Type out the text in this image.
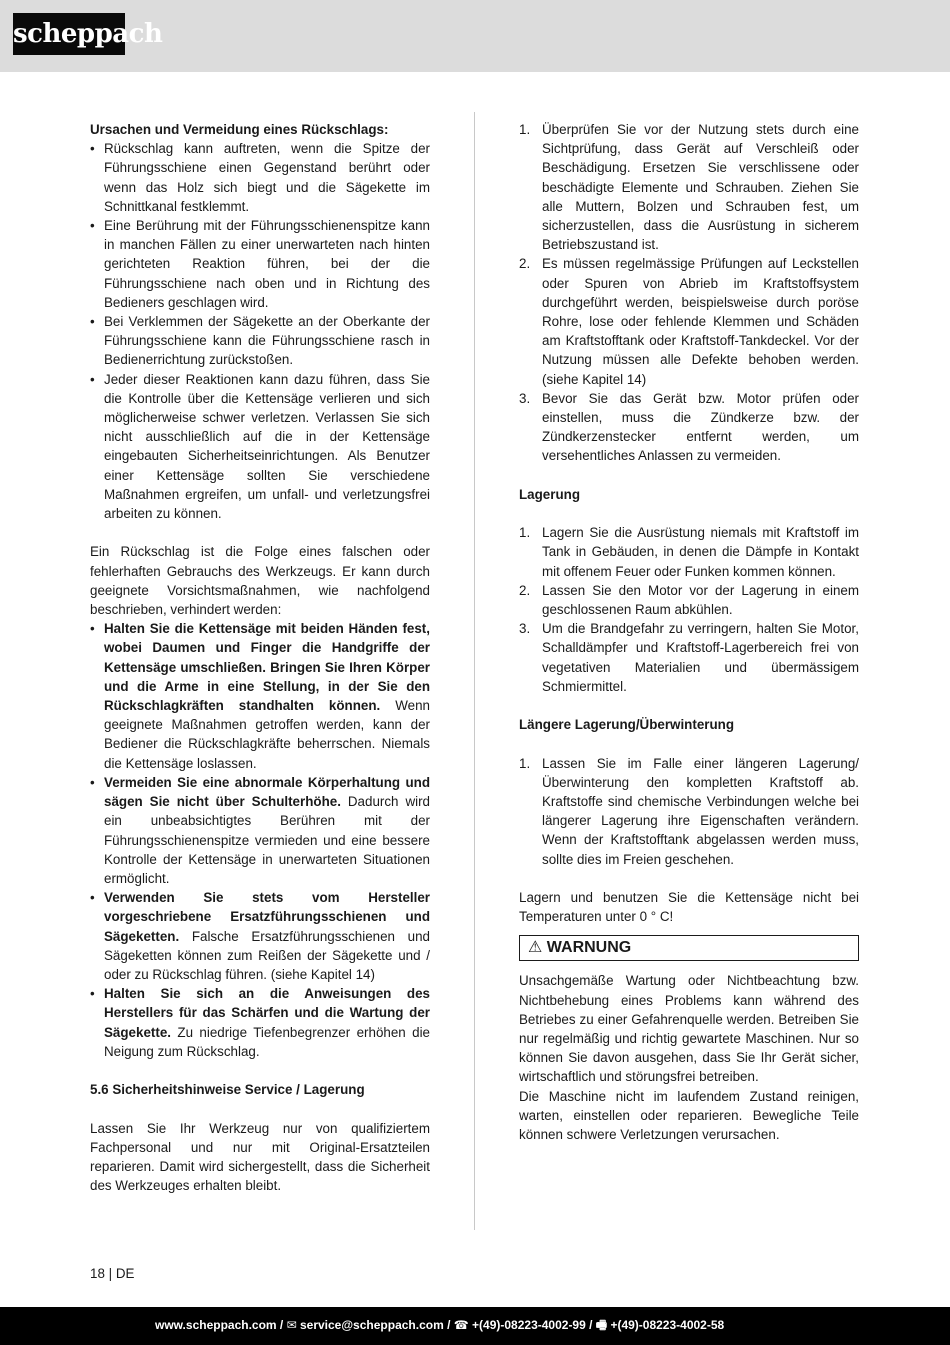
scheppach

Ursachen und Vermeidung eines Rückschlags:

• Rückschlag kann auftreten, wenn die Spitze der Führungsschiene einen Gegenstand berührt oder wenn das Holz sich biegt und die Sägekette im Schnittkanal festklemmt.
• Eine Berührung mit der Führungsschienenspitze kann in manchen Fällen zu einer unerwarteten nach hinten gerichteten Reaktion führen, bei der die Führungsschiene nach oben und in Richtung des Bedieners geschlagen wird.
• Bei Verklemmen der Sägekette an der Oberkante der Führungsschiene kann die Führungsschiene rasch in Bedienerrichtung zurückstoßen.
• Jeder dieser Reaktionen kann dazu führen, dass Sie die Kontrolle über die Kettensäge verlieren und sich möglicherweise schwer verletzen. Verlassen Sie sich nicht ausschließlich auf die in der Kettensäge eingebauten Sicherheitseinrichtungen. Als Benutzer einer Kettensäge sollten Sie verschiedene Maßnahmen ergreifen, um unfall- und verletzungsfrei arbeiten zu können.

Ein Rückschlag ist die Folge eines falschen oder fehlerhaften Gebrauchs des Werkzeugs. Er kann durch geeignete Vorsichtsmaßnahmen, wie nachfolgend beschrieben, verhindert werden:

• Halten Sie die Kettensäge mit beiden Händen fest, wobei Daumen und Finger die Handgriffe der Kettensäge umschließen. Bringen Sie Ihren Körper und die Arme in eine Stellung, in der Sie den Rückschlagkräften standhalten können. Wenn geeignete Maßnahmen getroffen werden, kann der Bediener die Rückschlagkräfte beherrschen. Niemals die Kettensäge loslassen.
• Vermeiden Sie eine abnormale Körperhaltung und sägen Sie nicht über Schulterhöhe. Dadurch wird ein unbeabsichtigtes Berühren mit der Führungsschienenspitze vermieden und eine bessere Kontrolle der Kettensäge in unerwarteten Situationen ermöglicht.
• Verwenden Sie stets vom Hersteller vorgeschriebene Ersatzführungsschienen und Sägeketten. Falsche Ersatzführungsschienen und Sägeketten können zum Reißen der Sägekette und / oder zu Rückschlag führen. (siehe Kapitel 14)
• Halten Sie sich an die Anweisungen des Herstellers für das Schärfen und die Wartung der Sägekette. Zu niedrige Tiefenbegrenzer erhöhen die Neigung zum Rückschlag.

5.6 Sicherheitshinweise Service / Lagerung

Lassen Sie Ihr Werkzeug nur von qualifiziertem Fachpersonal und nur mit Original-Ersatzteilen reparieren. Damit wird sichergestellt, dass die Sicherheit des Werkzeuges erhalten bleibt.

1. Überprüfen Sie vor der Nutzung stets durch eine Sichtprüfung, dass Gerät auf Verschleiß oder Beschädigung. Ersetzen Sie verschlissene oder beschädigte Elemente und Schrauben. Ziehen Sie alle Muttern, Bolzen und Schrauben fest, um sicherzustellen, dass die Ausrüstung in sicherem Betriebszustand ist.
2. Es müssen regelmässige Prüfungen auf Leckstellen oder Spuren von Abrieb im Kraftstoffsystem durchgeführt werden, beispielsweise durch poröse Rohre, lose oder fehlende Klemmen und Schäden am Kraftstofftank oder Kraftstoff-Tankdeckel. Vor der Nutzung müssen alle Defekte behoben werden. (siehe Kapitel 14)
3. Bevor Sie das Gerät bzw. Motor prüfen oder einstellen, muss die Zündkerze bzw. der Zündkerzenstecker entfernt werden, um versehentliches Anlassen zu vermeiden.

Lagerung

1. Lagern Sie die Ausrüstung niemals mit Kraftstoff im Tank in Gebäuden, in denen die Dämpfe in Kontakt mit offenem Feuer oder Funken kommen können.
2. Lassen Sie den Motor vor der Lagerung in einem geschlossenen Raum abkühlen.
3. Um die Brandgefahr zu verringern, halten Sie Motor, Schalldämpfer und Kraftstoff-Lagerbereich frei von vegetativen Materialien und übermässigem Schmiermittel.

Längere Lagerung/Überwinterung

1. Lassen Sie im Falle einer längeren Lagerung/ Überwinterung den kompletten Kraftstoff ab. Kraftstoffe sind chemische Verbindungen welche bei längerer Lagerung ihre Eigenschaften verändern. Wenn der Kraftstofftank abgelassen werden muss, sollte dies im Freien geschehen.

Lagern und benutzen Sie die Kettensäge nicht bei Temperaturen unter 0 ° C!

⚠ WARNUNG

Unsachgemäße Wartung oder Nichtbeachtung bzw. Nichtbehebung eines Problems kann während des Betriebes zu einer Gefahrenquelle werden. Betreiben Sie nur regelmäßig und richtig gewartete Maschinen. Nur so können Sie davon ausgehen, dass Sie Ihr Gerät sicher, wirtschaftlich und störungsfrei betreiben.

Die Maschine nicht im laufendem Zustand reinigen, warten, einstellen oder reparieren. Bewegliche Teile können schwere Verletzungen verursachen.

18 | DE
www.scheppach.com / ✉ service@scheppach.com / ☎ +(49)-08223-4002-99 / 🖷 +(49)-08223-4002-58
